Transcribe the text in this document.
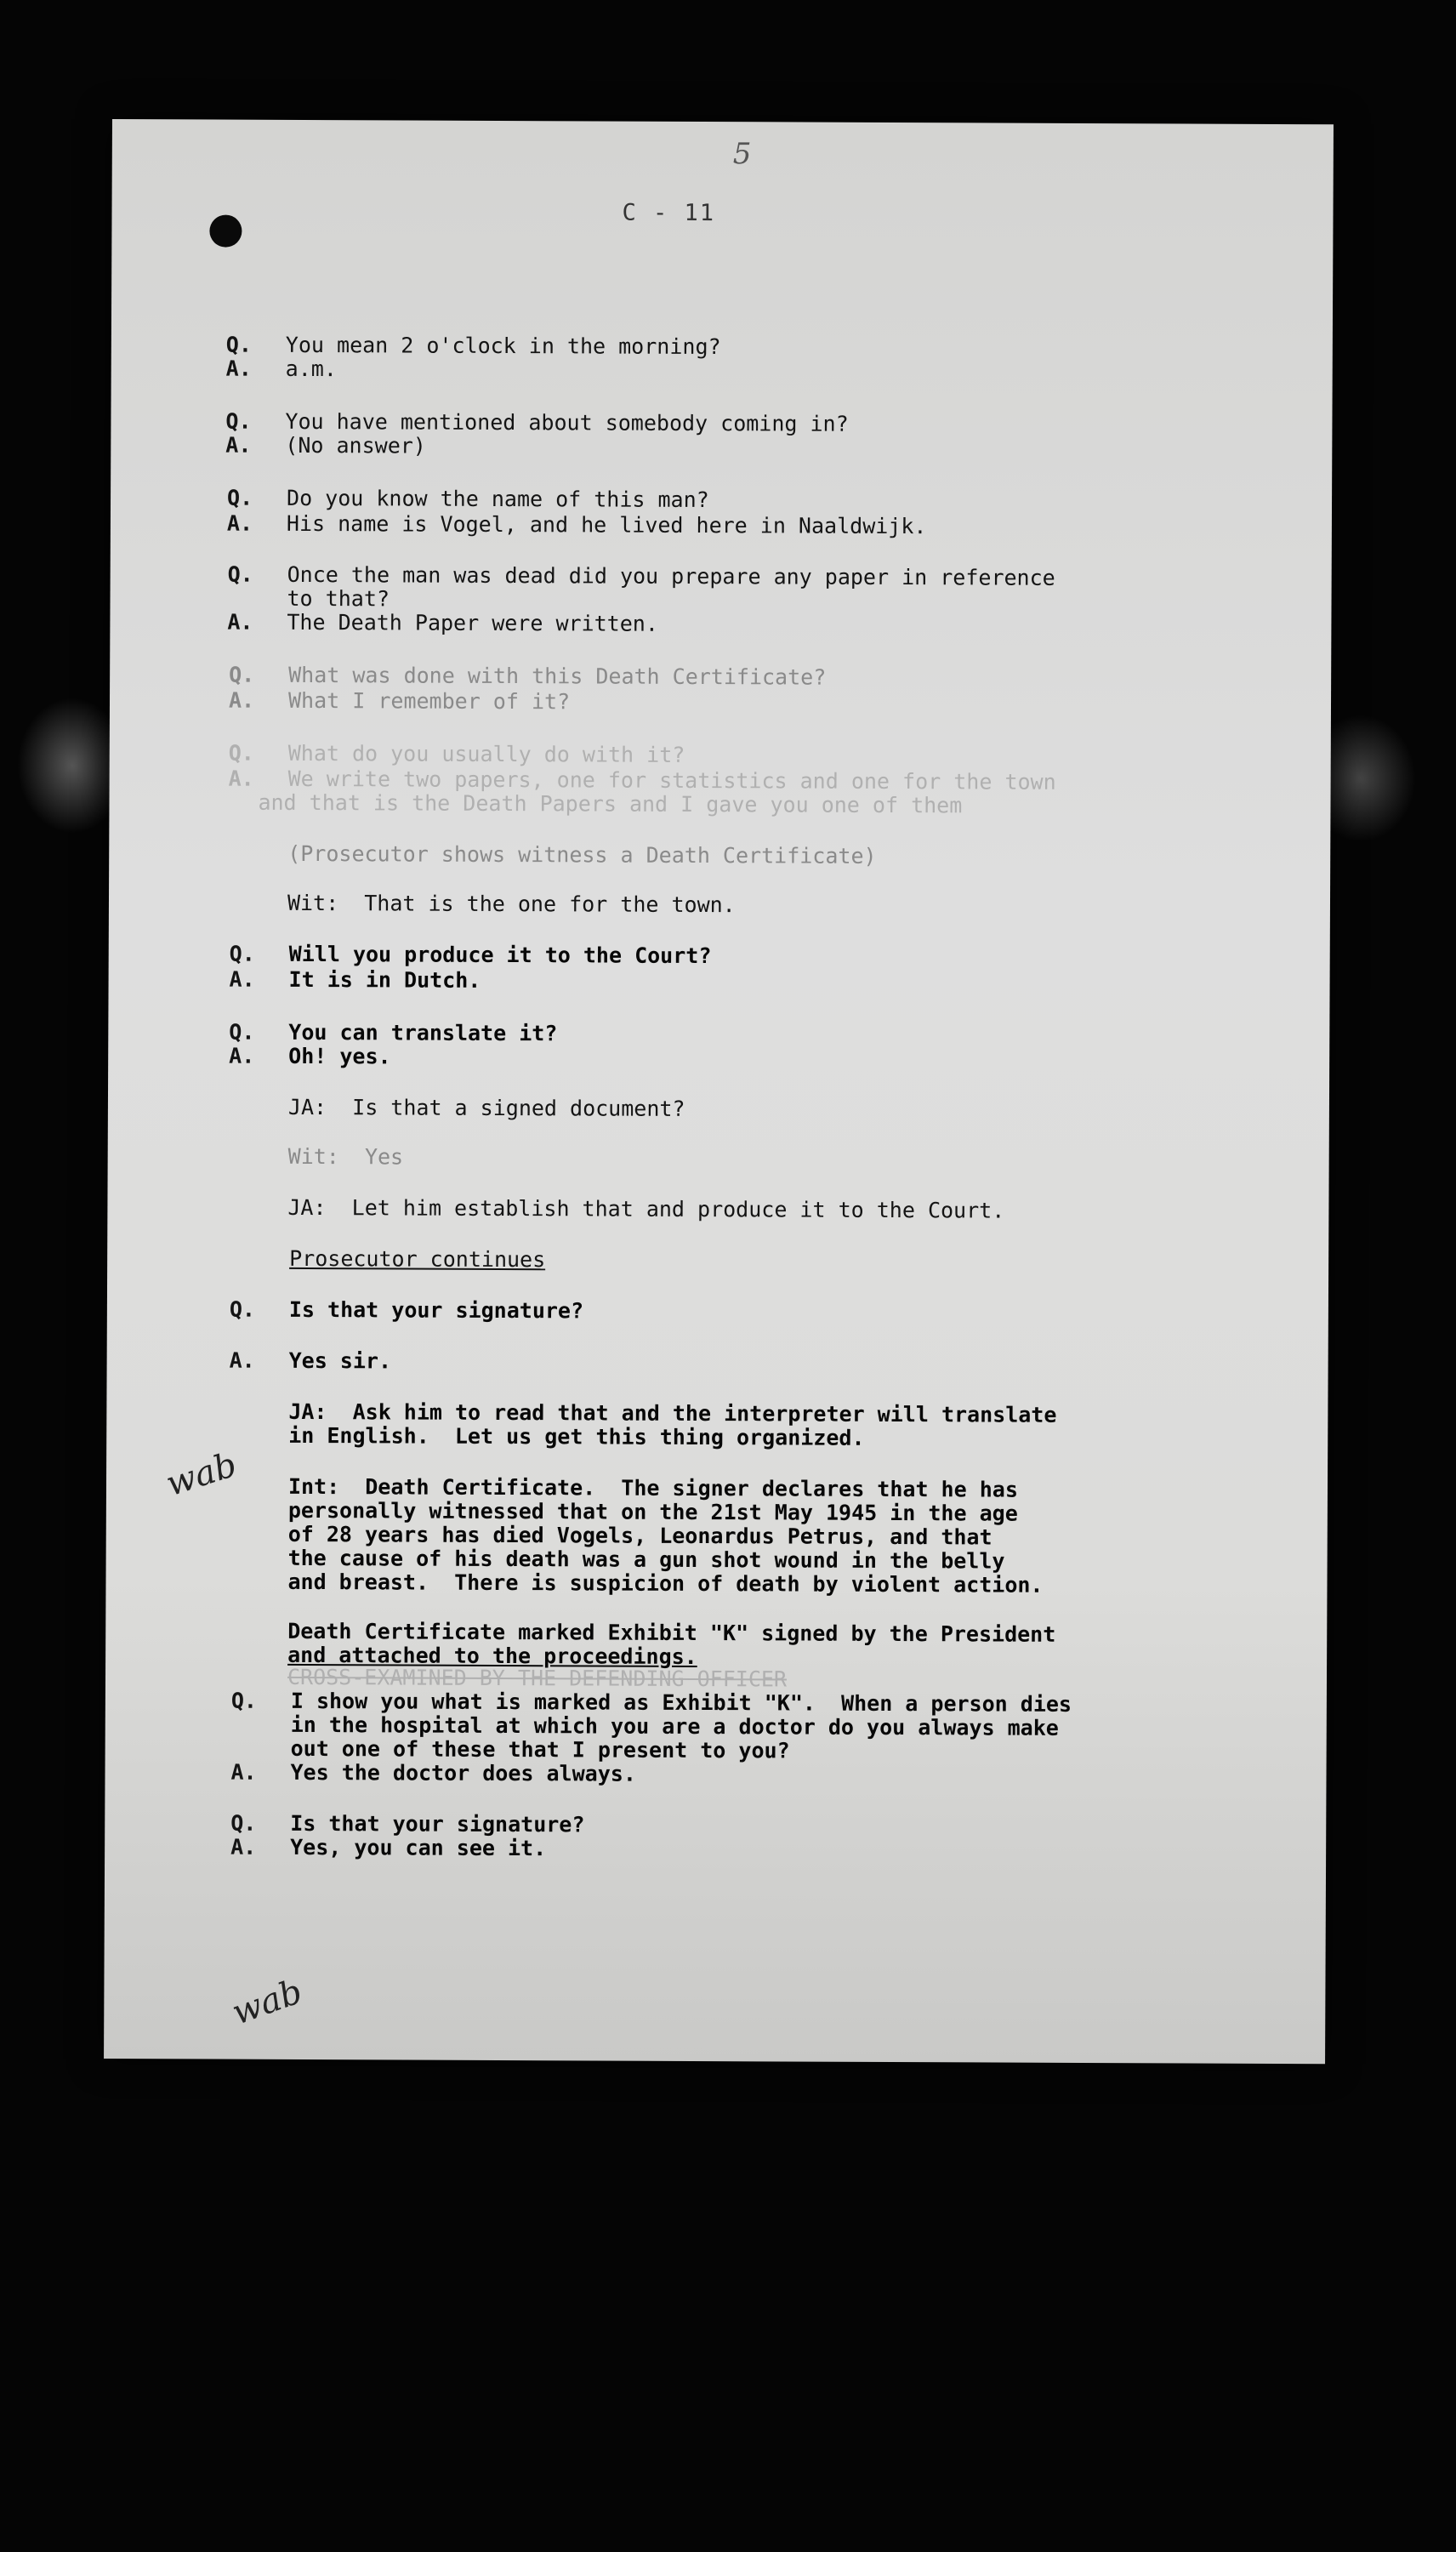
5
C - 11
Q. You mean 2 o'clock in the morning?
A. a.m.
Q. You have mentioned about somebody coming in?
A. (No answer)
Q. Do you know the name of this man?
A. His name is Vogel, and he lived here in Naaldwijk.
Q. Once the man was dead did you prepare any paper in reference
to that?
A. The Death Paper were written.
Q. What was done with this Death Certificate?
A. What I remember of it?
Q. What do you usually do with it?
A. We write two papers, one for statistics and one for the town
and that is the Death Papers and I gave you one of them
(Prosecutor shows witness a Death Certificate)
Wit:  That is the one for the town.
Q. Will you produce it to the Court?
A. It is in Dutch.
Q. You can translate it?
A. Oh! yes.
JA:  Is that a signed document?
Wit:  Yes
JA:  Let him establish that and produce it to the Court.
Prosecutor continues
Q. Is that your signature?
A. Yes sir.
JA:  Ask him to read that and the interpreter will translate
in English.  Let us get this thing organized.
wab Int:  Death Certificate.  The signer declares that he has
personally witnessed that on the 21st May 1945 in the age
of 28 years has died Vogels, Leonardus Petrus, and that
the cause of his death was a gun shot wound in the belly
and breast.  There is suspicion of death by violent action.
Death Certificate marked Exhibit "K" signed by the President
and attached to the proceedings.
CROSS-EXAMINED BY THE DEFENDING OFFICER
Q. I show you what is marked as Exhibit "K".  When a person dies
in the hospital at which you are a doctor do you always make
out one of these that I present to you?
A. Yes the doctor does always.
Q. Is that your signature?
A. Yes, you can see it.
wab
